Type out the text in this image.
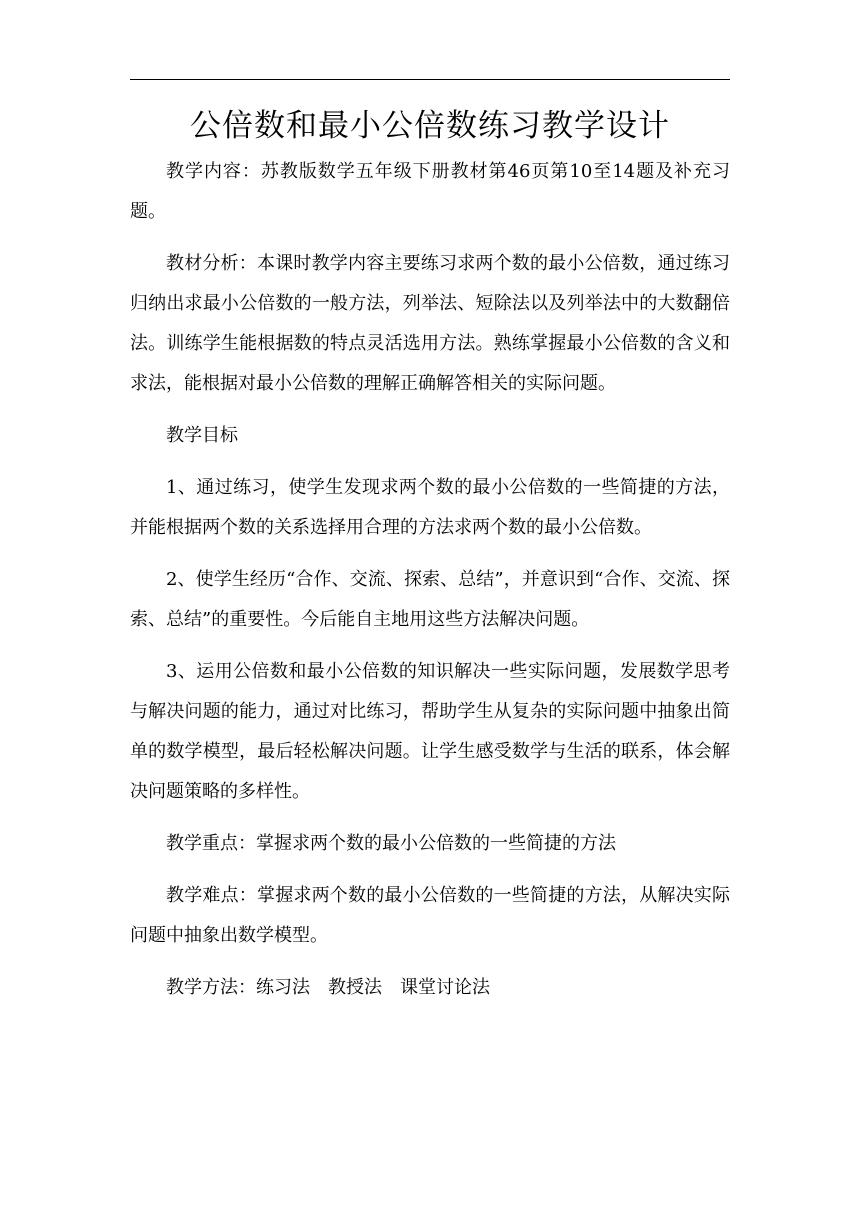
公倍数和最小公倍数练习教学设计

教学内容：苏教版数学五年级下册教材第46页第10至14题及补充习题。

教材分析：本课时教学内容主要练习求两个数的最小公倍数，通过练习归纳出求最小公倍数的一般方法，列举法、短除法以及列举法中的大数翻倍法。训练学生能根据数的特点灵活选用方法。熟练掌握最小公倍数的含义和求法，能根据对最小公倍数的理解正确解答相关的实际问题。

教学目标

1、通过练习，使学生发现求两个数的最小公倍数的一些简捷的方法，并能根据两个数的关系选择用合理的方法求两个数的最小公倍数。

2、使学生经历“合作、交流、探索、总结”，并意识到“合作、交流、探索、总结”的重要性。今后能自主地用这些方法解决问题。

3、运用公倍数和最小公倍数的知识解决一些实际问题，发展数学思考与解决问题的能力，通过对比练习，帮助学生从复杂的实际问题中抽象出简单的数学模型，最后轻松解决问题。让学生感受数学与生活的联系，体会解决问题策略的多样性。

教学重点：掌握求两个数的最小公倍数的一些简捷的方法

教学难点：掌握求两个数的最小公倍数的一些简捷的方法，从解决实际问题中抽象出数学模型。

教学方法：练习法　教授法　课堂讨论法
